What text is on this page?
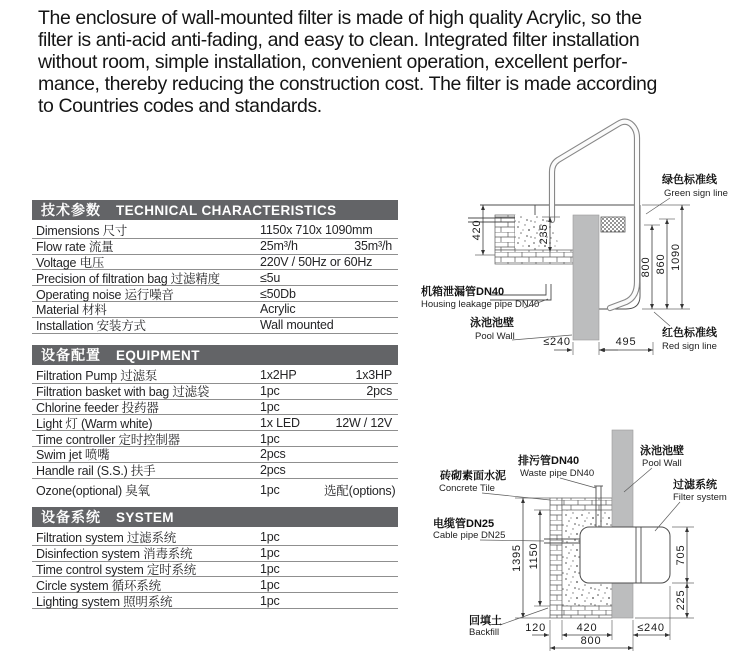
The enclosure of wall-mounted filter is made of high quality Acrylic, so the
filter is anti-acid anti-fading, and easy to clean. Integrated filter installation
without room, simple installation, convenient operation, excellent perfor-
mance, thereby reducing the construction cost. The filter is made according
to Countries codes and standards.
技术参数 TECHNICAL CHARACTERISTICS
Dimensions 尺寸	1150x 710x 1090mm
Flow rate 流量	25m³/h	35m³/h
Voltage 电压	220V / 50Hz or 60Hz
Precision of filtration bag 过滤精度	≤5u
Operating noise 运行噪音	≤50Db
Material 材料	Acrylic
Installation 安装方式	Wall mounted
设备配置 EQUIPMENT
Filtration Pump 过滤泵	1x2HP	1x3HP
Filtration basket with bag 过滤袋	1pc	2pcs
Chlorine feeder 投药器	1pc
Light 灯 (Warm white)	1x LED	12W / 12V
Time controller 定时控制器	1pc
Swim jet 喷嘴	2pcs
Handle rail (S.S.) 扶手	2pcs
Ozone(optional) 臭氧	1pc	选配(options)
设备系统 SYSTEM
Filtration system 过滤系统	1pc
Disinfection system 消毒系统	1pc
Time control system 定时系统	1pc
Circle system 循环系统	1pc
Lighting system 照明系统	1pc
420	235
800 860 1090
≤240	495
机箱泄漏管DN40
Housing leakage pipe DN40
泳池池壁
Pool Wall
绿色标准线
Green sign line
红色标准线
Red sign line
1395 1150	705
225
120	420	≤240
800
砖砌素面水泥
Concrete Tile
排污管DN40
Waste pipe DN40
泳池池壁
Pool Wall
过滤系统
Filter system
电缆管DN25
Cable pipe DN25
回填土
Backfill
